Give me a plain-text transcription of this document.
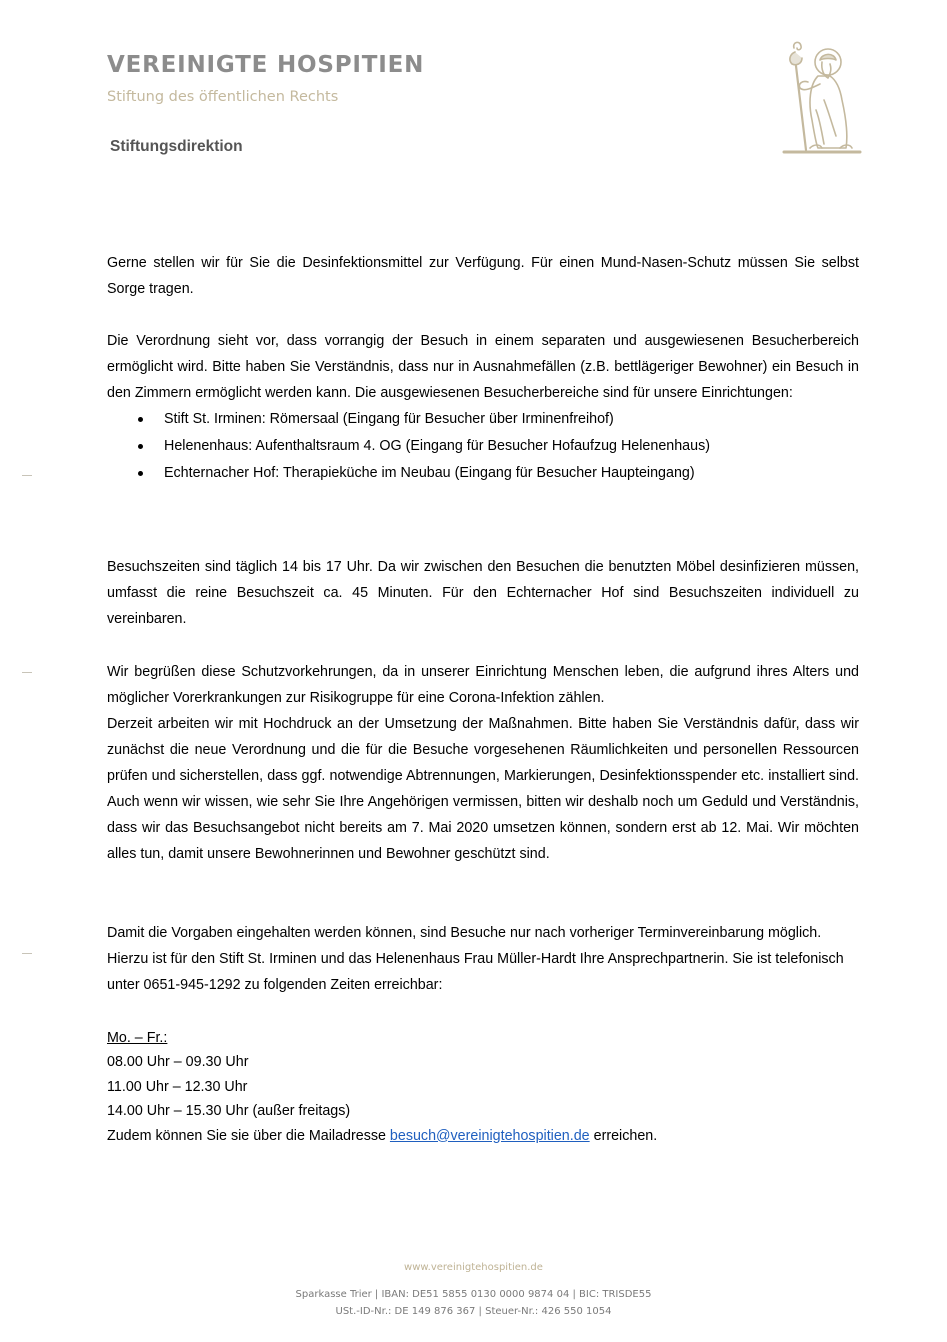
VEREINIGTE HOSPITIEN
Stiftung des öffentlichen Rechts
Stiftungsdirektion

Gerne stellen wir für Sie die Desinfektionsmittel zur Verfügung. Für einen Mund-Nasen-Schutz müssen Sie selbst Sorge tragen.

Die Verordnung sieht vor, dass vorrangig der Besuch in einem separaten und ausgewiesenen Besucherbereich ermöglicht wird. Bitte haben Sie Verständnis, dass nur in Ausnahmefällen (z.B. bettlägeriger Bewohner) ein Besuch in den Zimmern ermöglicht werden kann. Die ausgewiesenen Besucherbereiche sind für unsere Einrichtungen:

Stift St. Irminen: Römersaal (Eingang für Besucher über Irminenfreihof)
Helenenhaus: Aufenthaltsraum 4. OG (Eingang für Besucher Hofaufzug Helenenhaus)
Echternacher Hof: Therapieküche im Neubau (Eingang für Besucher Haupteingang)

Besuchszeiten sind täglich 14 bis 17 Uhr. Da wir zwischen den Besuchen die benutzten Möbel desinfizieren müssen, umfasst die reine Besuchszeit ca. 45 Minuten. Für den Echternacher Hof sind Besuchszeiten individuell zu vereinbaren.

Wir begrüßen diese Schutzvorkehrungen, da in unserer Einrichtung Menschen leben, die aufgrund ihres Alters und möglicher Vorerkrankungen zur Risikogruppe für eine Corona-Infektion zählen.

Derzeit arbeiten wir mit Hochdruck an der Umsetzung der Maßnahmen. Bitte haben Sie Verständnis dafür, dass wir zunächst die neue Verordnung und die für die Besuche vorgesehenen Räumlichkeiten und personellen Ressourcen prüfen und sicherstellen, dass ggf. notwendige Abtrennungen, Markierungen, Desinfektionsspender etc. installiert sind. Auch wenn wir wissen, wie sehr Sie Ihre Angehörigen vermissen, bitten wir deshalb noch um Geduld und Verständnis, dass wir das Besuchsangebot nicht bereits am 7. Mai 2020 umsetzen können, sondern erst ab 12. Mai. Wir möchten alles tun, damit unsere Bewohnerinnen und Bewohner geschützt sind.

Damit die Vorgaben eingehalten werden können, sind Besuche nur nach vorheriger Terminvereinbarung möglich.

Hierzu ist für den Stift St. Irminen und das Helenenhaus Frau Müller-Hardt Ihre Ansprechpartnerin. Sie ist telefonisch unter 0651-945-1292 zu folgenden Zeiten erreichbar:

Mo. – Fr.:
08.00 Uhr – 09.30 Uhr
11.00 Uhr – 12.30 Uhr
14.00 Uhr – 15.30 Uhr (außer freitags)
Zudem können Sie sie über die Mailadresse besuch@vereinigtehospitien.de erreichen.
www.vereinigtehospitien.de
Sparkasse Trier | IBAN: DE51 5855 0130 0000 9874 04 | BIC: TRISDE55
USt.-ID-Nr.: DE 149 876 367 | Steuer-Nr.: 426 550 1054
